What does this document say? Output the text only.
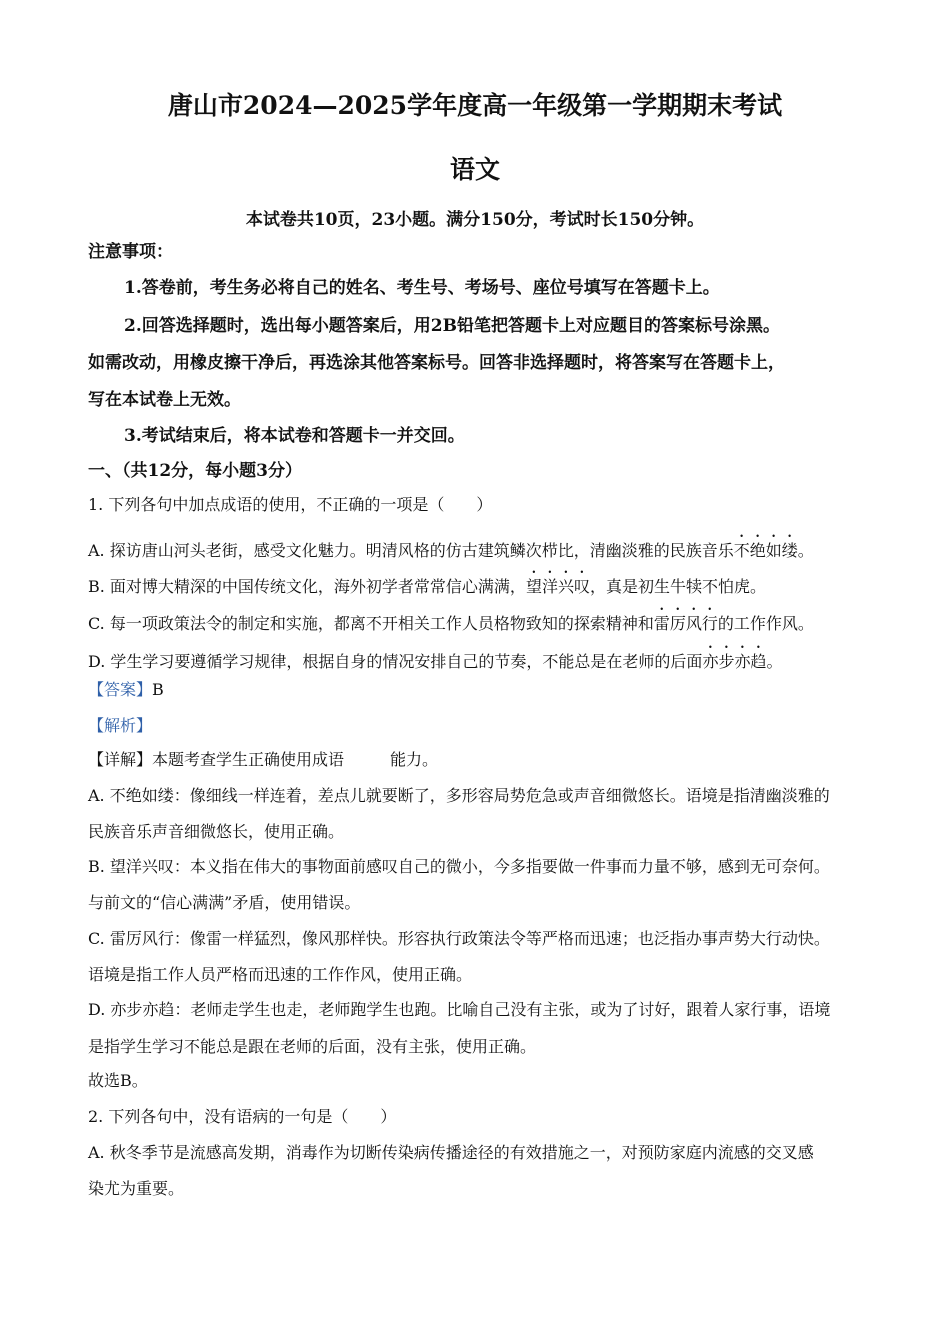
唐山市2024—2025学年度高一年级第一学期期末考试
语文
本试卷共10页，23小题。满分150分，考试时长150分钟。
注意事项：
1.答卷前，考生务必将自己的姓名、考生号、考场号、座位号填写在答题卡上。
2.回答选择题时，选出每小题答案后，用2B铅笔把答题卡上对应题目的答案标号涂黑。
如需改动，用橡皮擦干净后，再选涂其他答案标号。回答非选择题时，将答案写在答题卡上，
写在本试卷上无效。
3.考试结束后，将本试卷和答题卡一并交回。
一、（共12分，每小题3分）
1. 下列各句中加点成语的使用，不正确的一项是（　　）
A. 探访唐山河头老街，感受文化魅力。明清风格的仿古建筑鳞次栉比，清幽淡雅的民族音乐不绝如缕。
B. 面对博大精深的中国传统文化，海外初学者常常信心满满，望洋兴叹，真是初生牛犊不怕虎。
C. 每一项政策法令的制定和实施，都离不开相关工作人员格物致知的探索精神和雷厉风行的工作作风。
D. 学生学习要遵循学习规律，根据自身的情况安排自己的节奏，不能总是在老师的后面亦步亦趋。
【答案】B
【解析】
【详解】本题考查学生正确使用成语	能力。
A. 不绝如缕：像细线一样连着，差点儿就要断了，多形容局势危急或声音细微悠长。语境是指清幽淡雅的
民族音乐声音细微悠长，使用正确。
B. 望洋兴叹：本义指在伟大的事物面前感叹自己的微小，今多指要做一件事而力量不够，感到无可奈何。
与前文的“信心满满”矛盾，使用错误。
C. 雷厉风行：像雷一样猛烈，像风那样快。形容执行政策法令等严格而迅速；也泛指办事声势大行动快。
语境是指工作人员严格而迅速的工作作风，使用正确。
D. 亦步亦趋：老师走学生也走，老师跑学生也跑。比喻自己没有主张，或为了讨好，跟着人家行事，语境
是指学生学习不能总是跟在老师的后面，没有主张，使用正确。
故选B。
2. 下列各句中，没有语病的一句是（　　）
A. 秋冬季节是流感高发期，消毒作为切断传染病传播途径的有效措施之一，对预防家庭内流感的交叉感
染尤为重要。
